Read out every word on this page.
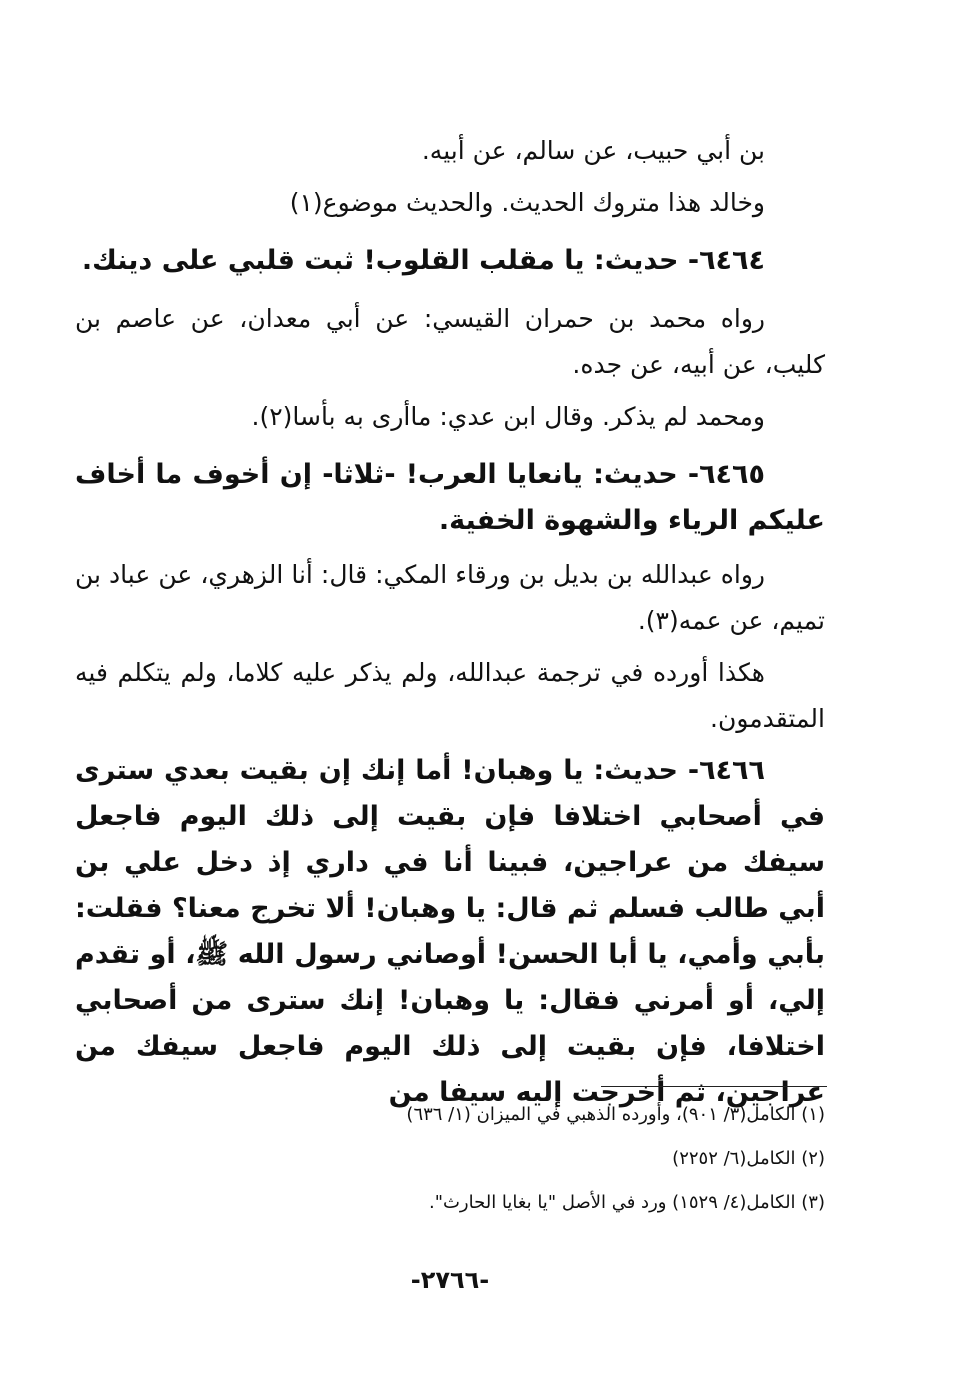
بن أبي حبيب، عن سالم، عن أبيه.
وخالد هذا متروك الحديث. والحديث موضوع(١)
٦٤٦٤- حديث: يا مقلب القلوب! ثبت قلبي على دينك.
رواه محمد بن حمران القيسي: عن أبي معدان، عن عاصم بن كليب، عن أبيه، عن جده.
ومحمد لم يذكر. وقال ابن عدي: ماأرى به بأسا(٢).
٦٤٦٥- حديث: يانعايا العرب! -ثلاثا- إن أخوف ما أخاف عليكم الرياء والشهوة الخفية.
رواه عبدالله بن بديل بن ورقاء المكي: قال: أنا الزهري، عن عباد بن تميم، عن عمه(٣).
هكذا أورده في ترجمة عبدالله، ولم يذكر عليه كلاما، ولم يتكلم فيه المتقدمون.
٦٤٦٦- حديث: يا وهبان! أما إنك إن بقيت بعدي سترى في أصحابي اختلافا فإن بقيت إلى ذلك اليوم فاجعل سيفك من عراجين، فبينا أنا في داري إذ دخل علي بن أبي طالب فسلم ثم قال: يا وهبان! ألا تخرج معنا؟ فقلت: بأبي وأمي، يا أبا الحسن! أوصاني رسول الله ﷺ، أو تقدم إلي، أو أمرني فقال: يا وهبان! إنك سترى من أصحابي اختلافا، فإن بقيت إلى ذلك اليوم فاجعل سيفك من عراجين، ثم أخرجت إليه سيفا من
(١) الكامل(٣/ ٩٠١)، وأورده الذهبي في الميزان (١/ ٦٣٦)
(٢) الكامل(٦/ ٢٢٥٢)
(٣) الكامل(٤/ ١٥٢٩) ورد في الأصل "يا بغايا الحارث".
-٢٧٦٦-
